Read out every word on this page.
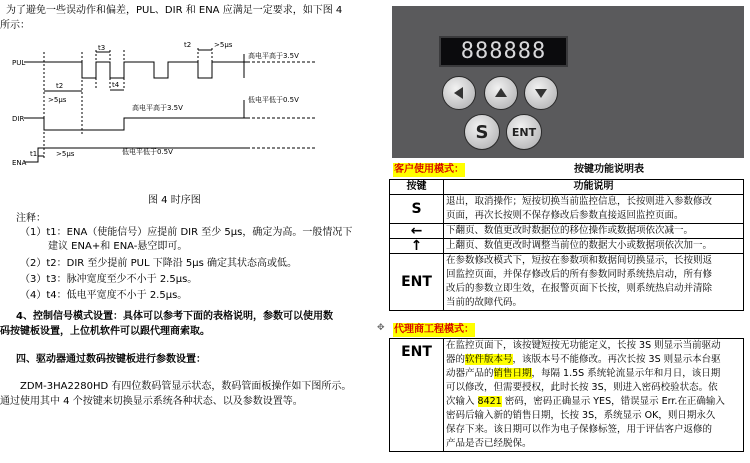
为了避免一些误动作和偏差，PUL、DIR 和 ENA 应满足一定要求，如下图 4
所示：
PUL
DIR
ENA
t2
>5μs
t3
t4
t2	>5μs
高电平高于3.5V
低电平低于0.5V
高电平高于3.5V
t1	>5μs	低电平低于0.5V
图 4 时序图
注释：
（1）t1：ENA（使能信号）应提前 DIR 至少 5μs，确定为高。一般情况下
建议 ENA+和 ENA-悬空即可。
（2）t2：DIR 至少提前 PUL 下降沿 5μs 确定其状态高或低。
（3）t3：脉冲宽度至少不小于 2.5μs。
（4）t4：低电平宽度不小于 2.5μs。
4、控制信号模式设置：具体可以参考下面的表格说明，参数可以使用数
码按键板设置，上位机软件可以跟代理商索取。
四、驱动器通过数码按键板进行参数设置：
ZDM-3HA2280HD 有四位数码管显示状态，数码管面板操作如下图所示。
通过使用其中 4 个按键来切换显示系统各种状态、以及参数设置等。
888888
S ENT
客户使用模式：	按键功能说明表
按键	功能说明
S	退出，取消操作；短按切换当前监控信息，长按则进入参数修改
页面，再次长按则不保存修改后参数直接返回监控页面。

←	下翻页、数值更改时数据位的移位操作或数据项依次减一。

↑	上翻页、数值更改时调整当前位的数据大小或数据项依次加一。

ENT	在参数修改模式下，短按在参数项和数据间切换显示，长按则返
回监控页面，并保存修改后的所有参数同时系统热启动，所有修
改后的参数立即生效，在报警页面下长按，则系统热启动并清除
当前的故障代码。
✥ 代理商工程模式：
ENT	在监控页面下，该按键短按无功能定义，长按 3S 则显示当前驱动
器的软件版本号，该版本号不能修改。再次长按 3S 则显示本台驱
动器产品的销售日期，每隔 1.5S 系统轮流显示年和月日，该日期
可以修改，但需要授权，此时长按 3S，则进入密码校验状态。依
次输入 8421 密码，密码正确显示 YES，错误显示 Err.在正确输入
密码后输入新的销售日期，长按 3S，系统显示 OK，则日期永久
保存下来。该日期可以作为电子保修标签，用于评估客户返修的
产品是否已经脱保。
